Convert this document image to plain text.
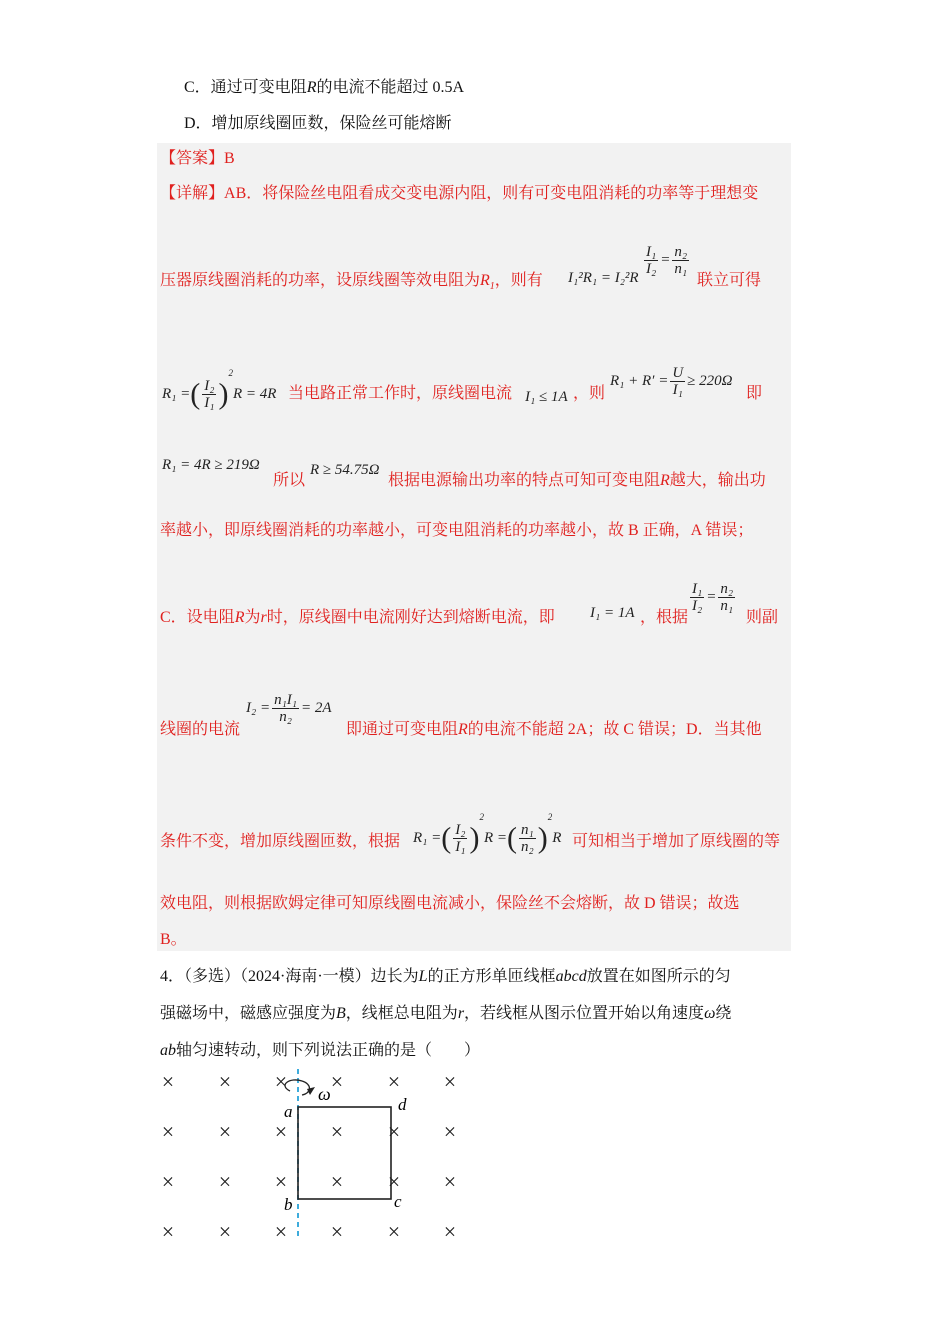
C．通过可变电阻R的电流不能超过 0.5A
D．增加原线圈匝数，保险丝可能熔断
【答案】B
【详解】AB．将保险丝电阻看成交变电源内阻，则有可变电阻消耗的功率等于理想变
压器原线圈消耗的功率，设原线圈等效电阻为$R_1$，则有 I₁²R₁ = I₂²R
$\frac{\text{I₁}}{\text{I₂}} = \frac{\text{n₂}}{\text{n₁}}$
联立可得
R₁ =( $\frac{\text{I₂}}{\text{I₁}} )^2R = 4R$ 当电路正常工作时，原线圈电流 I₁ ≤ 1A ，则
$R_1 + R' = \frac{U}{\text{I₁}} \ge 220\Omega$
即
R₁ = 4R ≥ 219Ω
所以
R ≥ 54.75Ω
根据电源输出功率的特点可知可变电阻R越大，输出功
率越小，即原线圈消耗的功率越小，可变电阻消耗的功率越小，故 B 正确，A 错误；
C．设电阻R为r时，原线圈中电流刚好达到熔断电流，即 I₁ = 1A ，根据
$\frac{\text{I₁}}{\text{I₂}} = \frac{\text{n₂}}{\text{n₁}}$
则副
线圈的电流
$I_2 = \frac{\text{n₁I₁}}{\text{n₂}} = 2A$
即通过可变电阻R的电流不能超 2A；故 C 错误；D．当其他
条件不变，增加原线圈匝数，根据 R₁ =( $\frac{\text{I₂}}{\text{I₁}} )^2R$ =( $\frac{\text{n₁}}{\text{n₂}} )^2R$ 可知相当于增加了原线圈的等
效电阻，则根据欧姆定律可知原线圈电流减小，保险丝不会熔断，故 D 错误；故选
B。
4．（多选）（2024·海南·一模）边长为L的正方形单匝线框abcd放置在如图所示的匀
强磁场中，磁感应强度为B，线框总电阻为r，若线框从图示位置开始以角速度ω绕
ab轴匀速转动，则下列说法正确的是（　　）
× × × × × ×
× × × × × ×
× × × × × ×
× × × × × ×
ω
a	d
b	c
